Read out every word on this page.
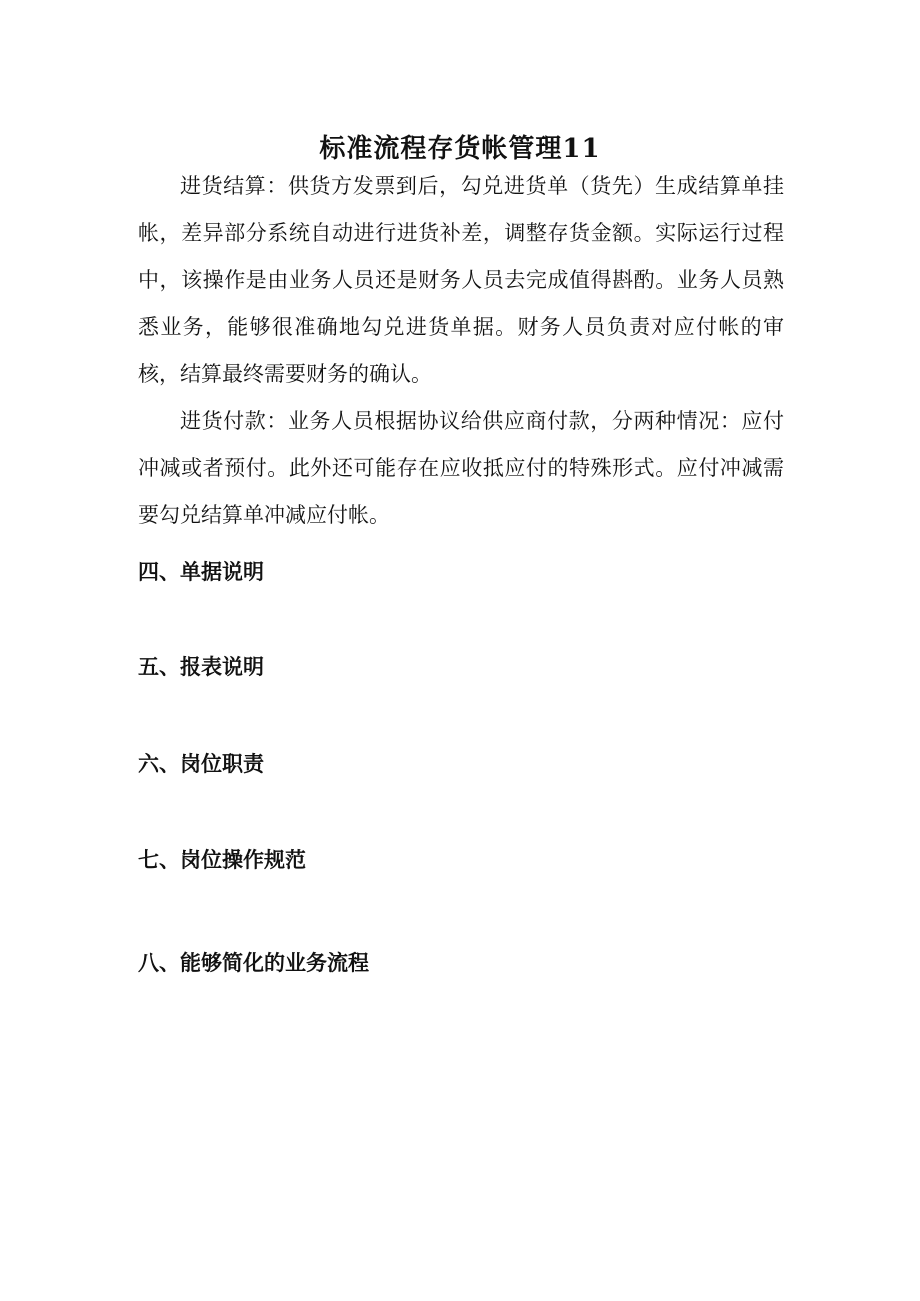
标准流程存货帐管理11

进货结算：供货方发票到后，勾兑进货单（货先）生成结算单挂帐，差异部分系统自动进行进货补差，调整存货金额。实际运行过程中，该操作是由业务人员还是财务人员去完成值得斟酌。业务人员熟悉业务，能够很准确地勾兑进货单据。财务人员负责对应付帐的审核，结算最终需要财务的确认。

进货付款：业务人员根据协议给供应商付款，分两种情况：应付冲减或者预付。此外还可能存在应收抵应付的特殊形式。应付冲减需要勾兑结算单冲减应付帐。

四、单据说明
五、报表说明
六、岗位职责
七、岗位操作规范
八、能够简化的业务流程
